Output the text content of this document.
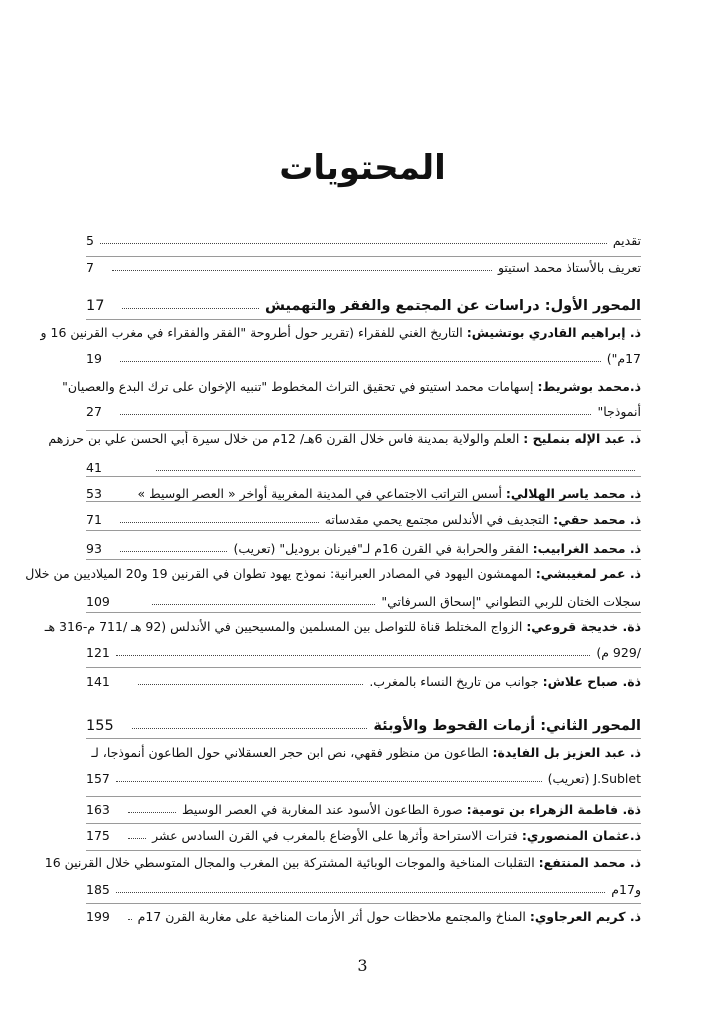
المحتويات
تقديم
5
تعريف بالأستاذ محمد استيتو
7
المحور الأول: دراسات عن المجتمع والفقر والتهميش
17
ذ. إبراهيم القادري بوتشيش: التاريخ الغني للفقراء (تقرير حول أطروحة "الفقر والفقراء في مغرب القرنين 16 و
17م")
19
ذ.محمد بوشريط: إسهامات محمد استيتو في تحقيق التراث المخطوط "تنبيه الإخوان على ترك البدع والعصيان"
أنموذجا"
27
ذ. عبد الإله بنمليح : العلم والولاية بمدينة فاس خلال القرن 6هـ/ 12م من خلال سيرة أبي الحسن علي بن حرزهم
41
ذ. محمد ياسر الهلالي: أسس التراتب الاجتماعي في المدينة المغربية أواخر « العصر الوسيط »
53
ذ. محمد حقي: التجديف في الأندلس مجتمع يحمي مقدساته
71
ذ. محمد الغرابيب: الفقر والحرابة في القرن 16م لـ"فيرنان بروديل" (تعريب)
93
ذ. عمر لمغيبشي: المهمشون اليهود في المصادر العبرانية: نموذج يهود تطوان في القرنين 19 و20 الميلاديين من خلال
سجلات الختان للربي التطواني "إسحاق السرفاتي"
109
ذة. خديجة قروعي: الزواج المختلط قناة للتواصل بين المسلمين والمسيحيين في الأندلس (92 هـ /711 م-316 هـ
/929 م)
121
ذة. صباح علاش: جوانب من تاريخ النساء بالمغرب.
141
المحور الثاني: أزمات القحوط والأوبئة
155
ذ. عبد العزيز بل الفايدة: الطاعون من منظور فقهي، نص ابن حجر العسقلاني حول الطاعون أنموذجا، لـ
J.Sublet (تعريب)
157
ذة. فاطمة الزهراء بن تومية: صورة الطاعون الأسود عند المغاربة في العصر الوسيط
163
ذ.عثمان المنصوري: فترات الاستراحة وأثرها على الأوضاع بالمغرب في القرن السادس عشر
175
ذ. محمد المنتفع: التقلبات المناخية والموجات الوبائية المشتركة بين المغرب والمجال المتوسطي خلال القرنين 16
و17م
185
ذ. كريم العرجاوي: المناخ والمجتمع ملاحظات حول أثر الأزمات المناخية على مغاربة القرن 17م
199
3
